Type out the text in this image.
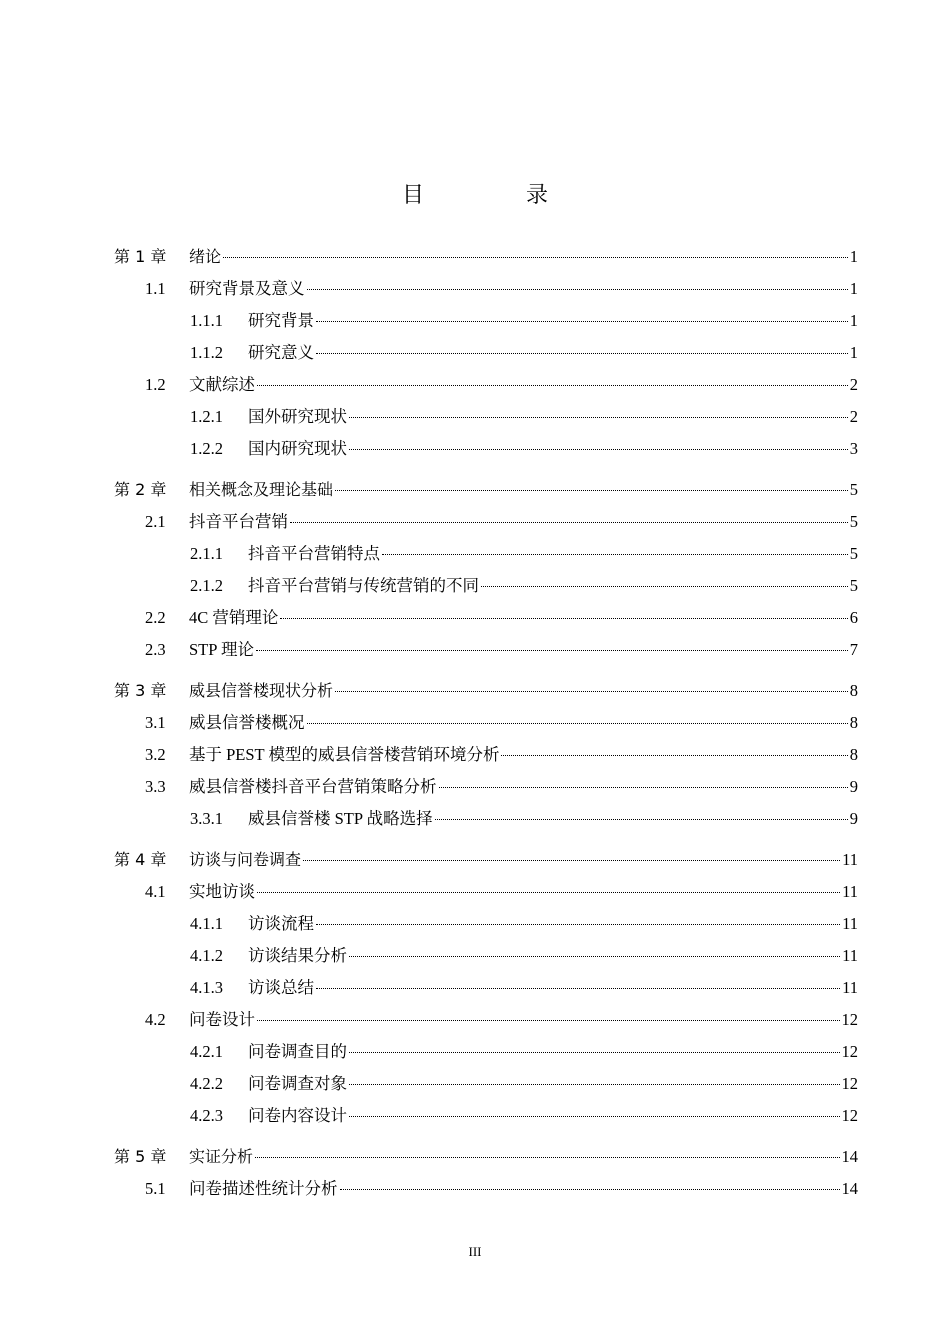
目　录
第 1 章 绪论	1
1.1 研究背景及意义	1
1.1.1 研究背景	1
1.1.2 研究意义	1
1.2 文献综述	2
1.2.1 国外研究现状	2
1.2.2 国内研究现状	3
第 2 章 相关概念及理论基础	5
2.1 抖音平台营销	5
2.1.1 抖音平台营销特点	5
2.1.2 抖音平台营销与传统营销的不同	5
2.2 4C 营销理论	6
2.3 STP 理论	7
第 3 章 威县信誉楼现状分析	8
3.1 威县信誉楼概况	8
3.2 基于 PEST 模型的威县信誉楼营销环境分析	8
3.3 威县信誉楼抖音平台营销策略分析	9
3.3.1 威县信誉楼 STP 战略选择	9
第 4 章 访谈与问卷调查	11
4.1 实地访谈	11
4.1.1 访谈流程	11
4.1.2 访谈结果分析	11
4.1.3 访谈总结	11
4.2 问卷设计	12
4.2.1 问卷调查目的	12
4.2.2 问卷调查对象	12
4.2.3 问卷内容设计	12
第 5 章 实证分析	14
5.1 问卷描述性统计分析	14
III
